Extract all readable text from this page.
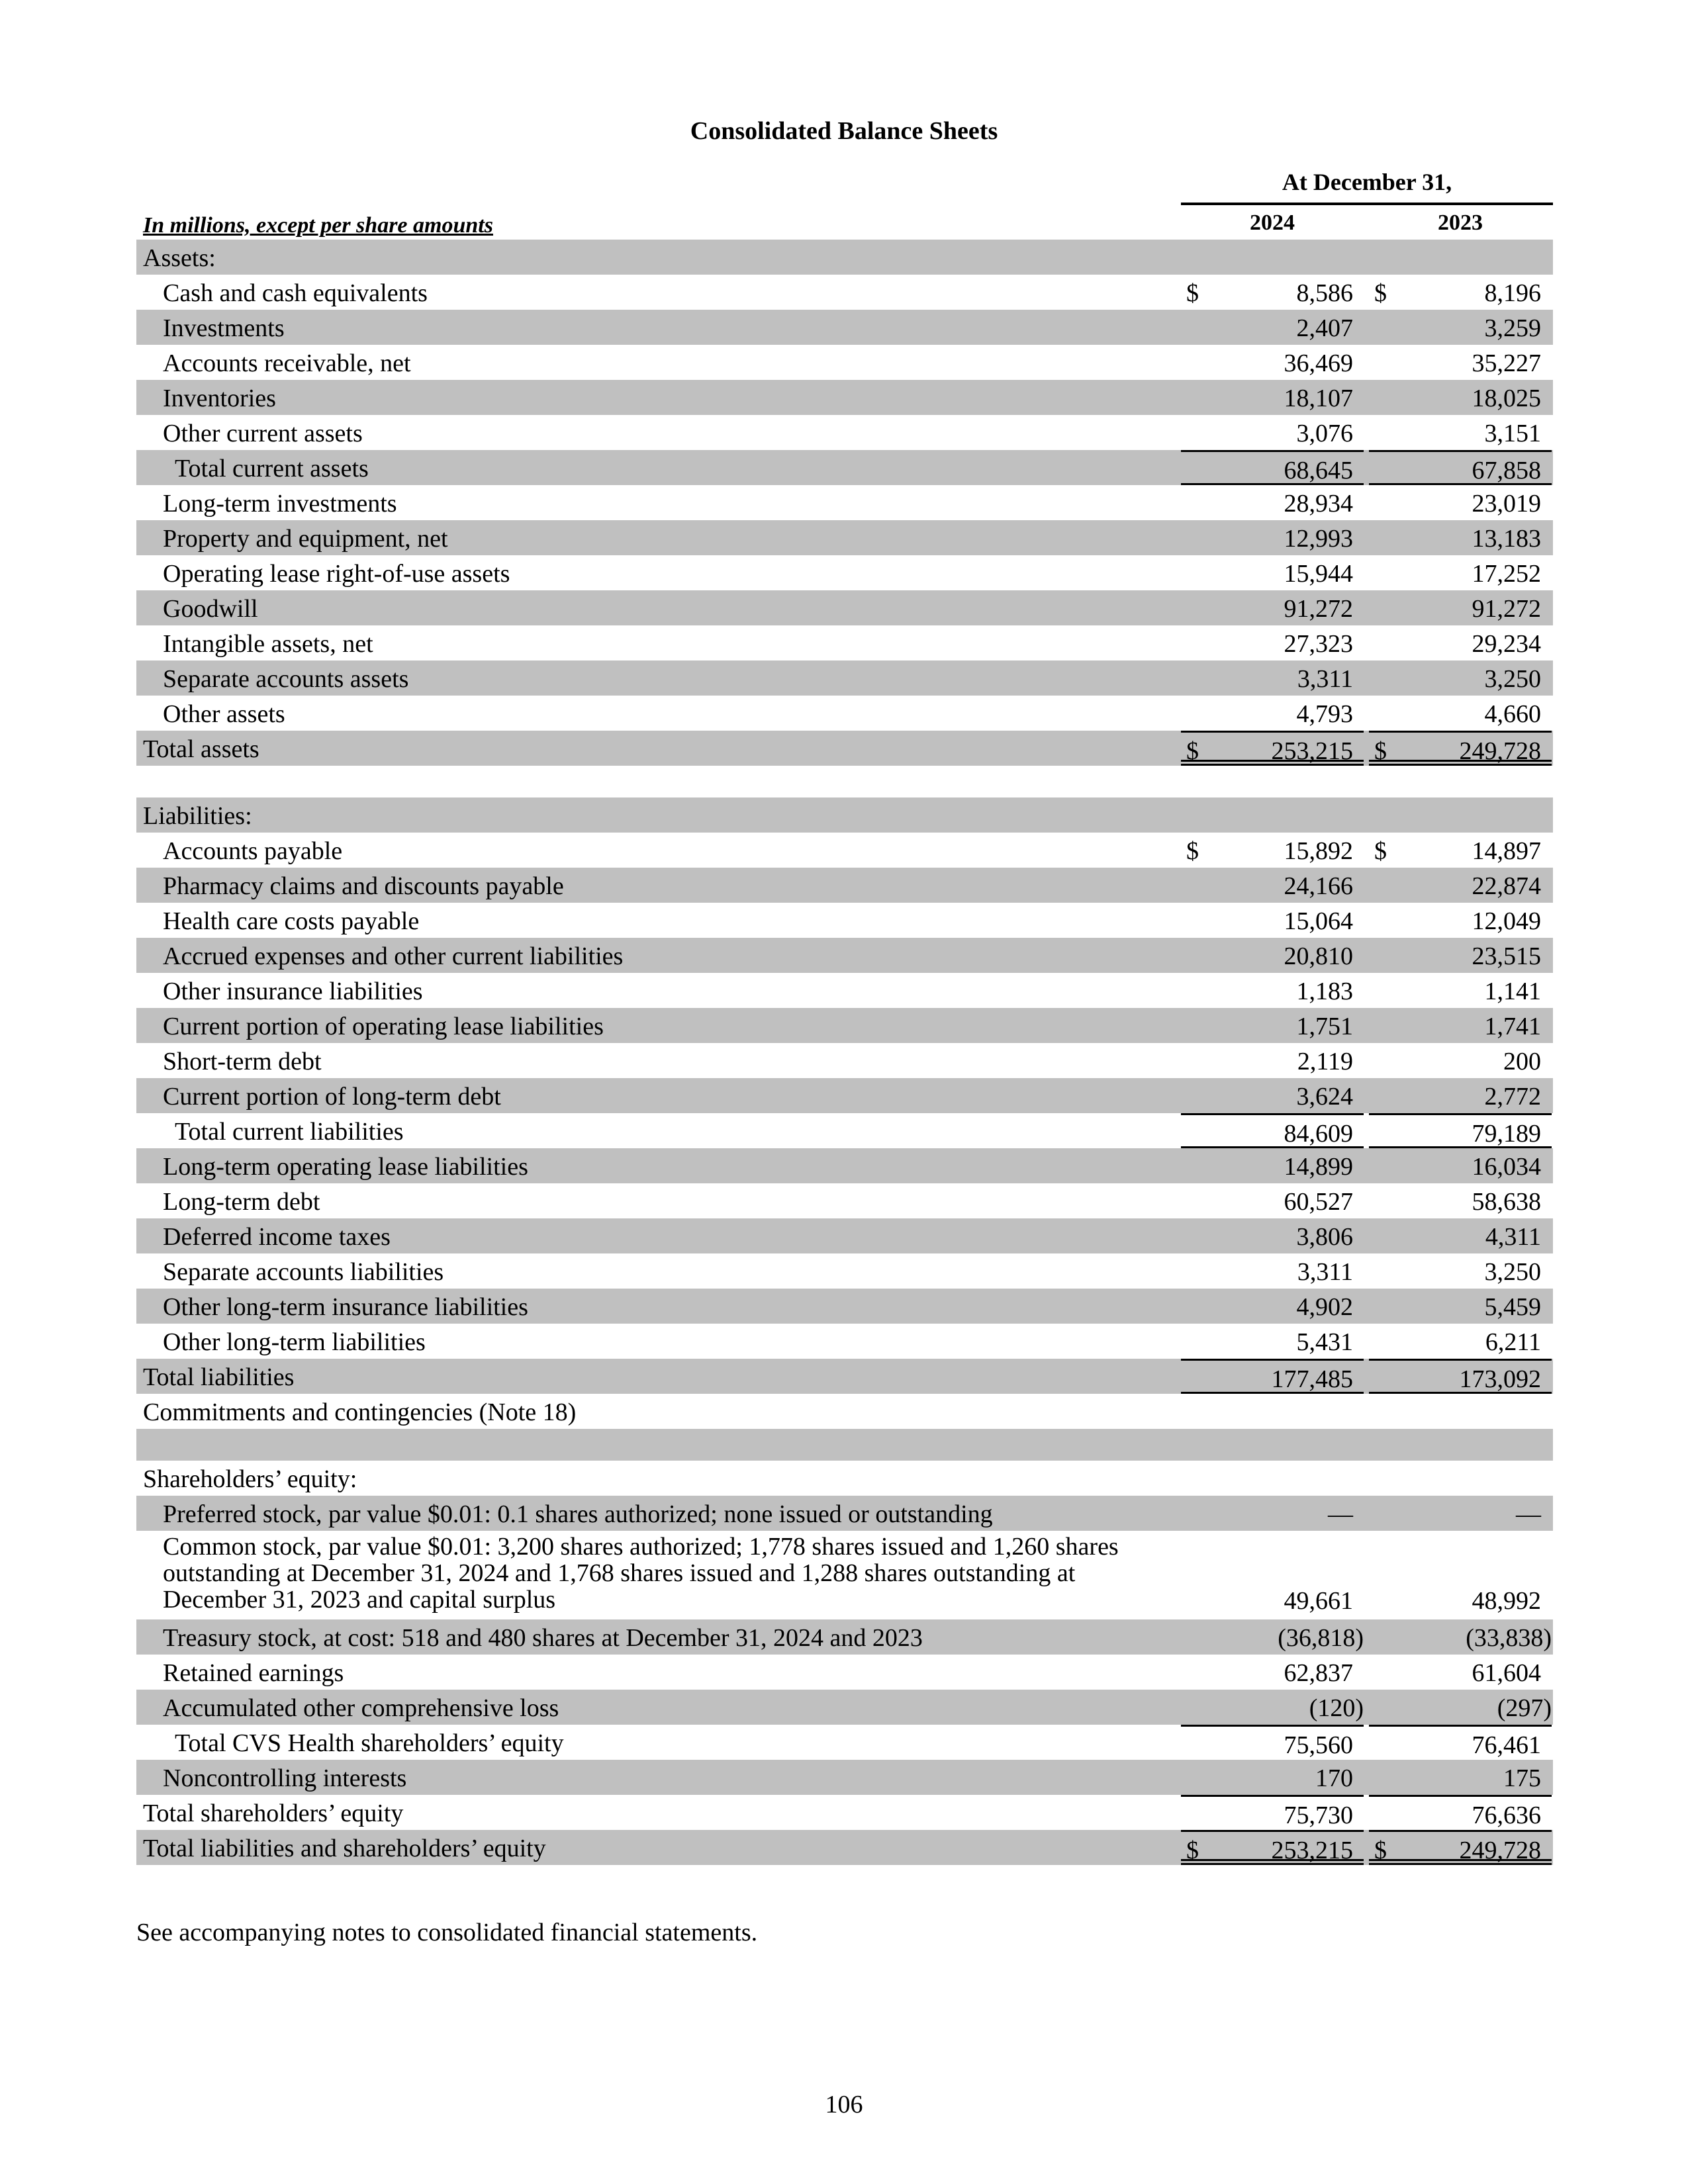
Consolidated Balance Sheets
At December 31,
In millions, except per share amounts	2024	2023
Assets:
Cash and cash equivalents	$	8,586 $	8,196
Investments	2,407	3,259
Accounts receivable, net	36,469	35,227
Inventories	18,107	18,025
Other current assets	3,076	3,151
Total current assets	68,645	67,858
Long-term investments	28,934	23,019
Property and equipment, net	12,993	13,183
Operating lease right-of-use assets	15,944	17,252
Goodwill	91,272	91,272
Intangible assets, net	27,323	29,234
Separate accounts assets	3,311	3,250
Other assets	4,793	4,660
Total assets	$	253,215 $	249,728
Liabilities:
Accounts payable	$	15,892 $	14,897
Pharmacy claims and discounts payable	24,166	22,874
Health care costs payable	15,064	12,049
Accrued expenses and other current liabilities	20,810	23,515
Other insurance liabilities	1,183	1,141
Current portion of operating lease liabilities	1,751	1,741
Short-term debt	2,119	200
Current portion of long-term debt	3,624	2,772
Total current liabilities	84,609	79,189
Long-term operating lease liabilities	14,899	16,034
Long-term debt	60,527	58,638
Deferred income taxes	3,806	4,311
Separate accounts liabilities	3,311	3,250
Other long-term insurance liabilities	4,902	5,459
Other long-term liabilities	5,431	6,211
Total liabilities	177,485	173,092
Commitments and contingencies (Note 18)
Shareholders’ equity:
Preferred stock, par value $0.01: 0.1 shares authorized; none issued or outstanding	—	—
Common stock, par value $0.01: 3,200 shares authorized; 1,778 shares issued and 1,260 shares outstanding at December 31, 2024 and 1,768 shares issued and 1,288 shares outstanding at December 31, 2023 and capital surplus	49,661	48,992
Treasury stock, at cost: 518 and 480 shares at December 31, 2024 and 2023	(36,818)	(33,838)
Retained earnings	62,837	61,604
Accumulated other comprehensive loss	(120)	(297)
Total CVS Health shareholders’ equity	75,560	76,461
Noncontrolling interests	170	175
Total shareholders’ equity	75,730	76,636
Total liabilities and shareholders’ equity	$	253,215 $	249,728
See accompanying notes to consolidated financial statements.
106
